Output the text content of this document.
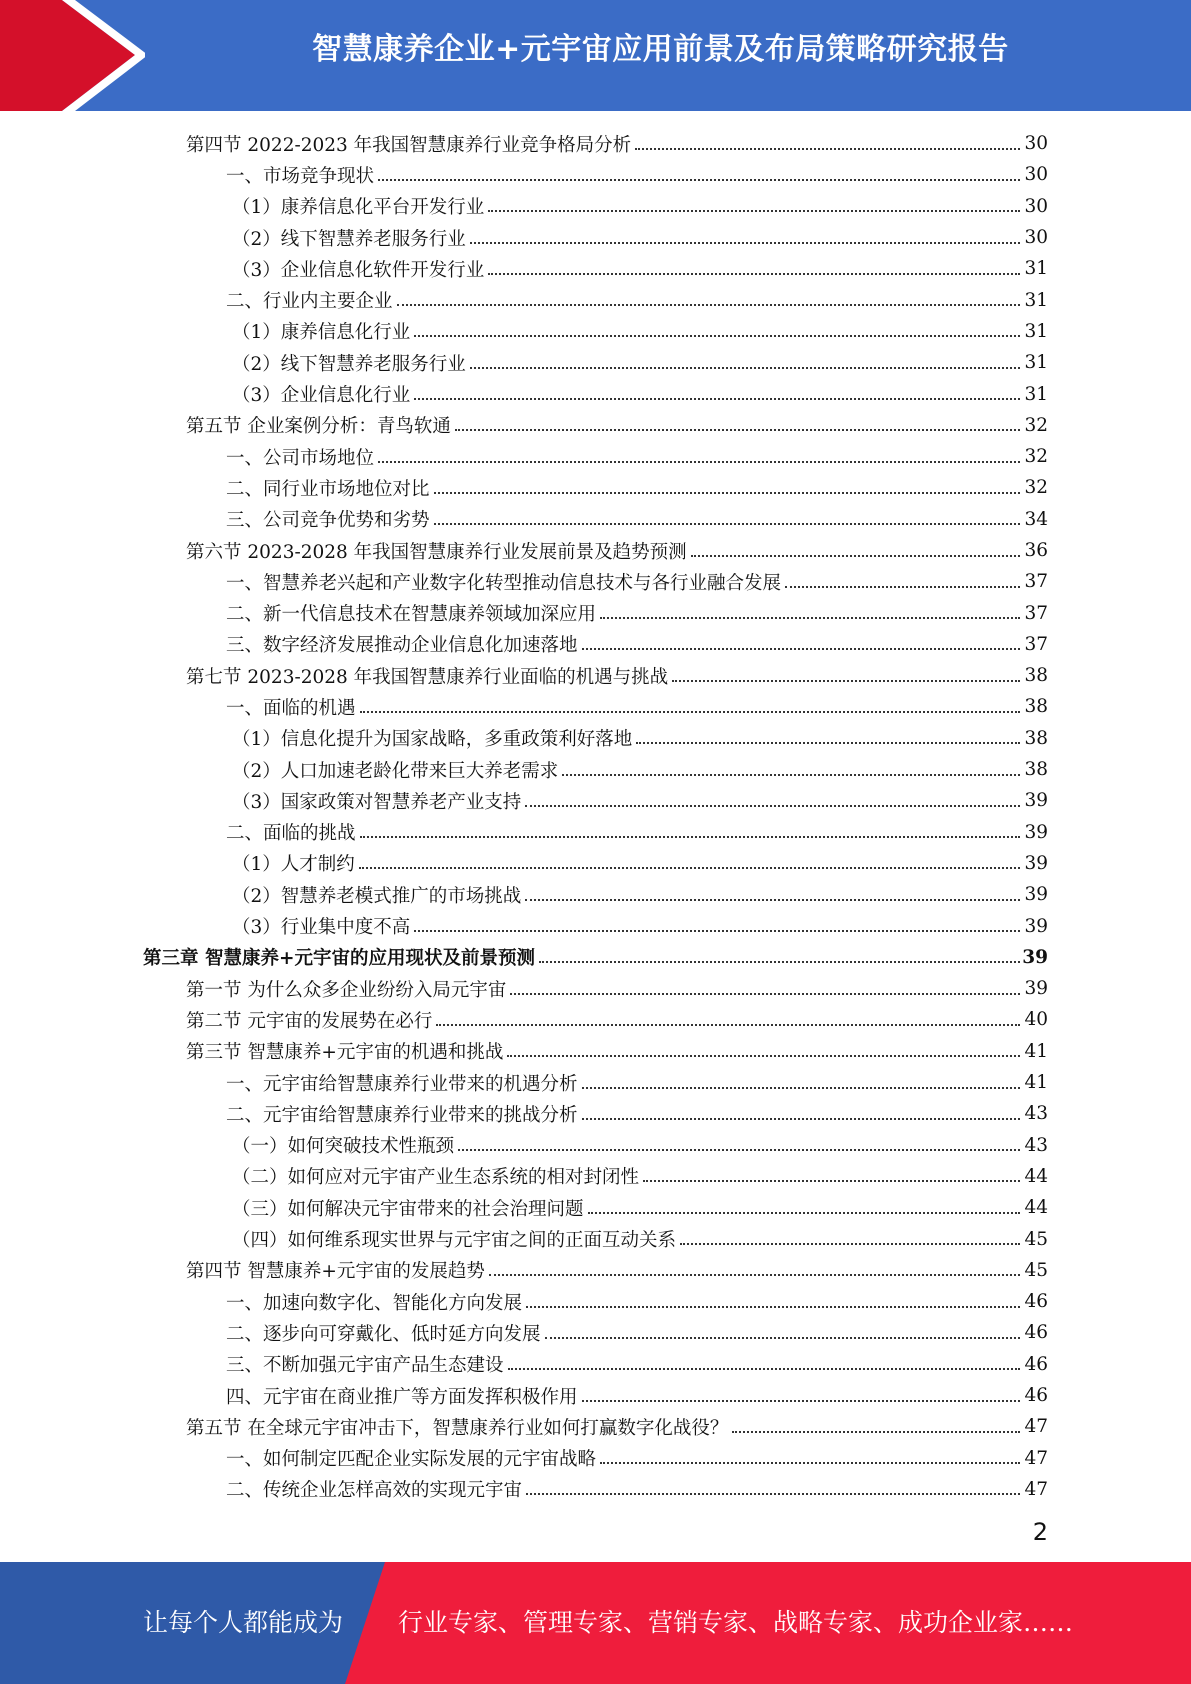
智慧康养企业+元宇宙应用前景及布局策略研究报告
第四节 2022-2023 年我国智慧康养行业竞争格局分析	30
一、市场竞争现状	30
（1）康养信息化平台开发行业	30
（2）线下智慧养老服务行业	30
（3）企业信息化软件开发行业	31
二、行业内主要企业	31
（1）康养信息化行业	31
（2）线下智慧养老服务行业	31
（3）企业信息化行业	31
第五节 企业案例分析：青鸟软通	32
一、公司市场地位	32
二、同行业市场地位对比	32
三、公司竞争优势和劣势	34
第六节 2023-2028 年我国智慧康养行业发展前景及趋势预测	36
一、智慧养老兴起和产业数字化转型推动信息技术与各行业融合发展	37
二、新一代信息技术在智慧康养领域加深应用	37
三、数字经济发展推动企业信息化加速落地	37
第七节 2023-2028 年我国智慧康养行业面临的机遇与挑战	38
一、面临的机遇	38
（1）信息化提升为国家战略，多重政策利好落地	38
（2）人口加速老龄化带来巨大养老需求	38
（3）国家政策对智慧养老产业支持	39
二、面临的挑战	39
（1）人才制约	39
（2）智慧养老模式推广的市场挑战	39
（3）行业集中度不高	39
第三章 智慧康养+元宇宙的应用现状及前景预测	39
第一节 为什么众多企业纷纷入局元宇宙	39
第二节 元宇宙的发展势在必行	40
第三节 智慧康养+元宇宙的机遇和挑战	41
一、元宇宙给智慧康养行业带来的机遇分析	41
二、元宇宙给智慧康养行业带来的挑战分析	43
（一）如何突破技术性瓶颈	43
（二）如何应对元宇宙产业生态系统的相对封闭性	44
（三）如何解决元宇宙带来的社会治理问题	44
（四）如何维系现实世界与元宇宙之间的正面互动关系	45
第四节 智慧康养+元宇宙的发展趋势	45
一、加速向数字化、智能化方向发展	46
二、逐步向可穿戴化、低时延方向发展	46
三、不断加强元宇宙产品生态建设	46
四、元宇宙在商业推广等方面发挥积极作用	46
第五节 在全球元宇宙冲击下，智慧康养行业如何打赢数字化战役？	47
一、如何制定匹配企业实际发展的元宇宙战略	47
二、传统企业怎样高效的实现元宇宙	47
2
让每个人都能成为 行业专家、管理专家、营销专家、战略专家、成功企业家……
